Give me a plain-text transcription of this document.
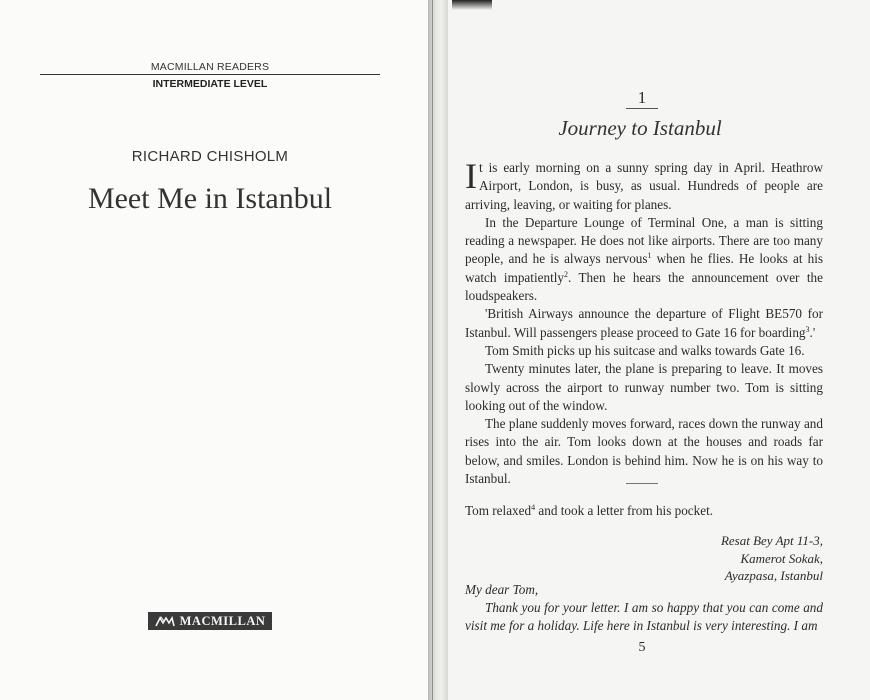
MACMILLAN READERS
INTERMEDIATE LEVEL
RICHARD CHISHOLM
Meet Me in Istanbul
MACMILLAN
1
Journey to Istanbul

It is early morning on a sunny spring day in April. Heathrow Airport, London, is busy, as usual. Hundreds of people are arriving, leaving, or waiting for planes.

In the Departure Lounge of Terminal One, a man is sitting reading a newspaper. He does not like airports. There are too many people, and he is always nervous$^1$ when he flies. He looks at his watch impatiently$^2$. Then he hears the announcement over the loudspeakers.

'British Airways announce the departure of Flight BE570 for Istanbul. Will passengers please proceed to Gate 16 for boarding$^3$.'

Tom Smith picks up his suitcase and walks towards Gate 16.

Twenty minutes later, the plane is preparing to leave. It moves slowly across the airport to runway number two. Tom is sitting looking out of the window.

The plane suddenly moves forward, races down the runway and rises into the air. Tom looks down at the houses and roads far below, and smiles. London is behind him. Now he is on his way to Istanbul.

Tom relaxed$^4$ and took a letter from his pocket.
Resat Bey Apt 11-3,
Kamerot Sokak,
Ayazpasa, Istanbul

My dear Tom,

Thank you for your letter. I am so happy that you can come and visit me for a holiday. Life here in Istanbul is very interesting. I am

5
